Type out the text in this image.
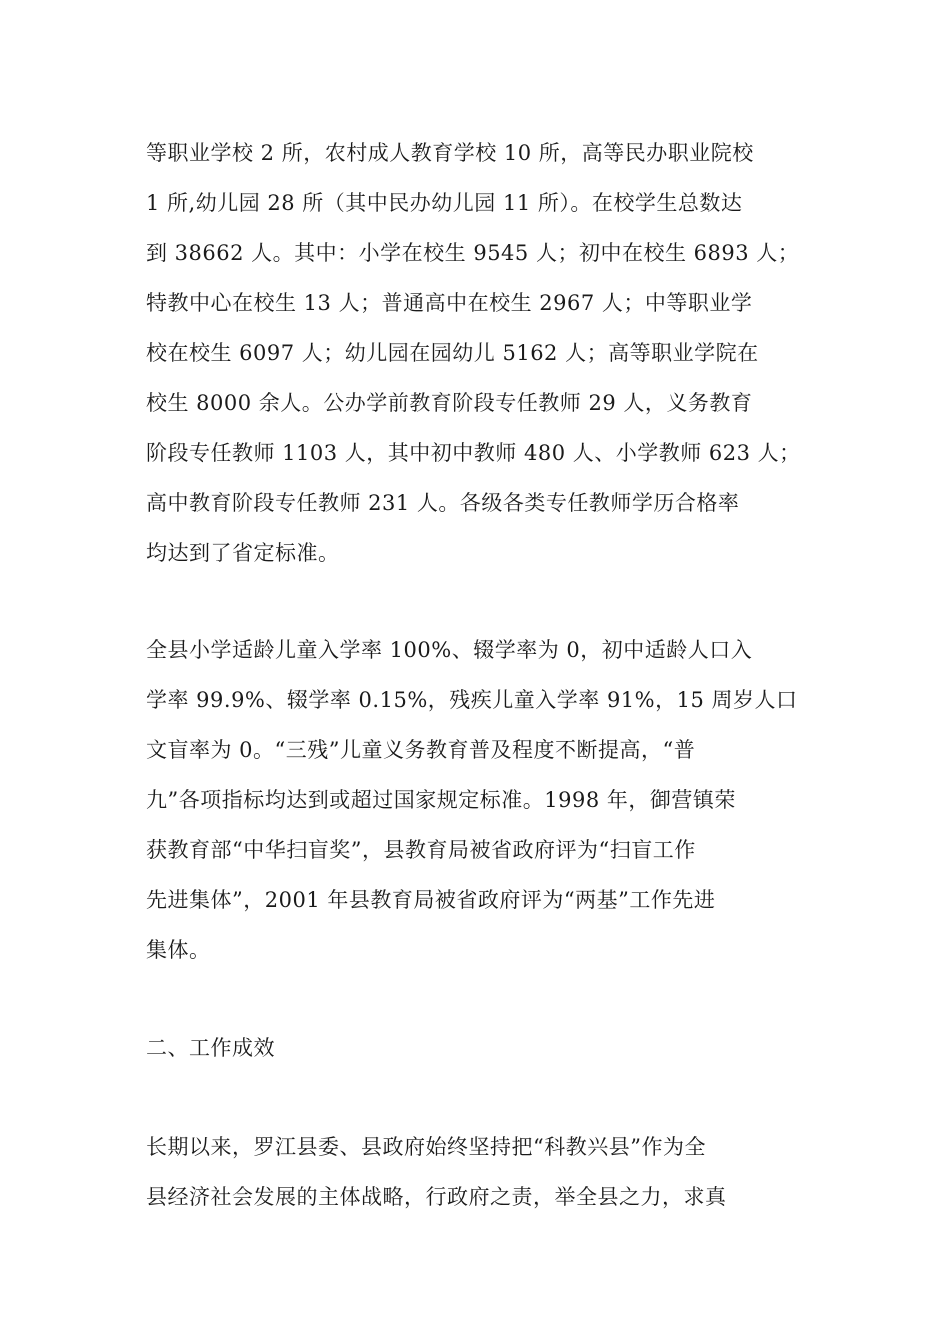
等职业学校 2 所，农村成人教育学校 10 所，高等民办职业院校
1 所,幼儿园 28 所（其中民办幼儿园 11 所）。在校学生总数达
到 38662 人。其中：小学在校生 9545 人；初中在校生 6893 人；
特教中心在校生 13 人；普通高中在校生 2967 人；中等职业学
校在校生 6097 人；幼儿园在园幼儿 5162 人；高等职业学院在
校生 8000 余人。公办学前教育阶段专任教师 29 人，义务教育
阶段专任教师 1103 人，其中初中教师 480 人、小学教师 623 人；
高中教育阶段专任教师 231 人。各级各类专任教师学历合格率
均达到了省定标准。

全县小学适龄儿童入学率 100%、辍学率为 0，初中适龄人口入
学率 99.9%、辍学率 0.15%，残疾儿童入学率 91%，15 周岁人口
文盲率为 0。“三残”儿童义务教育普及程度不断提高，“普
九”各项指标均达到或超过国家规定标准。1998 年，御营镇荣
获教育部“中华扫盲奖”，县教育局被省政府评为“扫盲工作
先进集体”，2001 年县教育局被省政府评为“两基”工作先进
集体。

二、工作成效

长期以来，罗江县委、县政府始终坚持把“科教兴县”作为全
县经济社会发展的主体战略，行政府之责，举全县之力，求真
